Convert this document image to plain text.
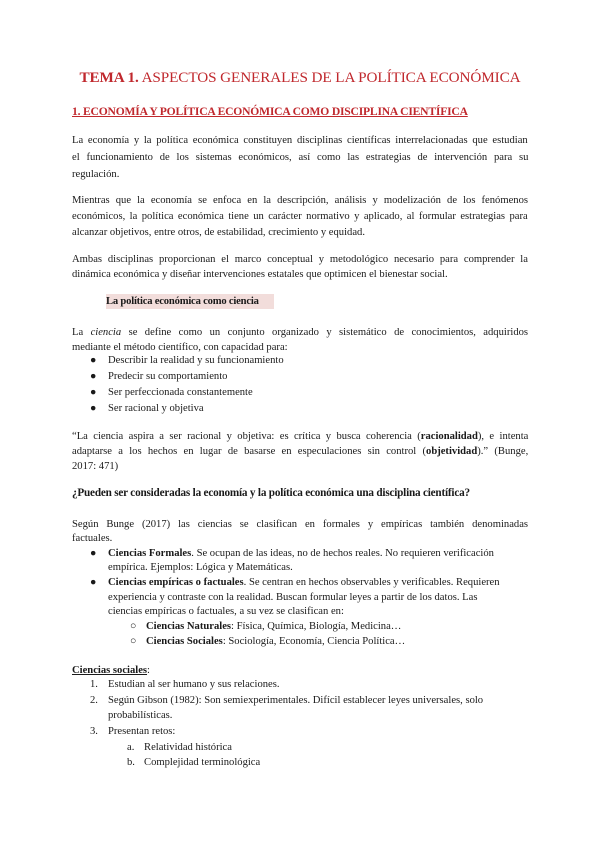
TEMA 1. ASPECTOS GENERALES DE LA POLÍTICA ECONÓMICA
1. ECONOMÍA Y POLÍTICA ECONÓMICA COMO DISCIPLINA CIENTÍFICA
La economía y la política económica constituyen disciplinas científicas interrelacionadas que estudian
el funcionamiento de los sistemas económicos, así como las estrategias de intervención para su
regulación.
Mientras que la economía se enfoca en la descripción, análisis y modelización de los fenómenos
económicos, la política económica tiene un carácter normativo y aplicado, al formular estrategias para
alcanzar objetivos, entre otros, de estabilidad, crecimiento y equidad.
Ambas disciplinas proporcionan el marco conceptual y metodológico necesario para comprender la
dinámica económica y diseñar intervenciones estatales que optimicen el bienestar social.
La política económica como ciencia
La ciencia se define como un conjunto organizado y sistemático de conocimientos, adquiridos
mediante el método científico, con capacidad para:
● Describir la realidad y su funcionamiento
● Predecir su comportamiento
● Ser perfeccionada constantemente
● Ser racional y objetiva
“La ciencia aspira a ser racional y objetiva: es crítica y busca coherencia (racionalidad), e intenta
adaptarse a los hechos en lugar de basarse en especulaciones sin control (objetividad).” (Bunge,
2017: 471)
¿Pueden ser consideradas la economía y la política económica una disciplina científica?
Según Bunge (2017) las ciencias se clasifican en formales y empíricas también denominadas
factuales.
● Ciencias Formales. Se ocupan de las ideas, no de hechos reales. No requieren verificación
empírica. Ejemplos: Lógica y Matemáticas.
● Ciencias empíricas o factuales. Se centran en hechos observables y verificables. Requieren
experiencia y contraste con la realidad. Buscan formular leyes a partir de los datos. Las
ciencias empíricas o factuales, a su vez se clasifican en:
○ Ciencias Naturales: Física, Química, Biología, Medicina…
○ Ciencias Sociales: Sociología, Economía, Ciencia Política…
Ciencias sociales:
1. Estudian al ser humano y sus relaciones.
2. Según Gibson (1982): Son semiexperimentales. Difícil establecer leyes universales, solo
probabilísticas.
3. Presentan retos:
a. Relatividad histórica
b. Complejidad terminológica
